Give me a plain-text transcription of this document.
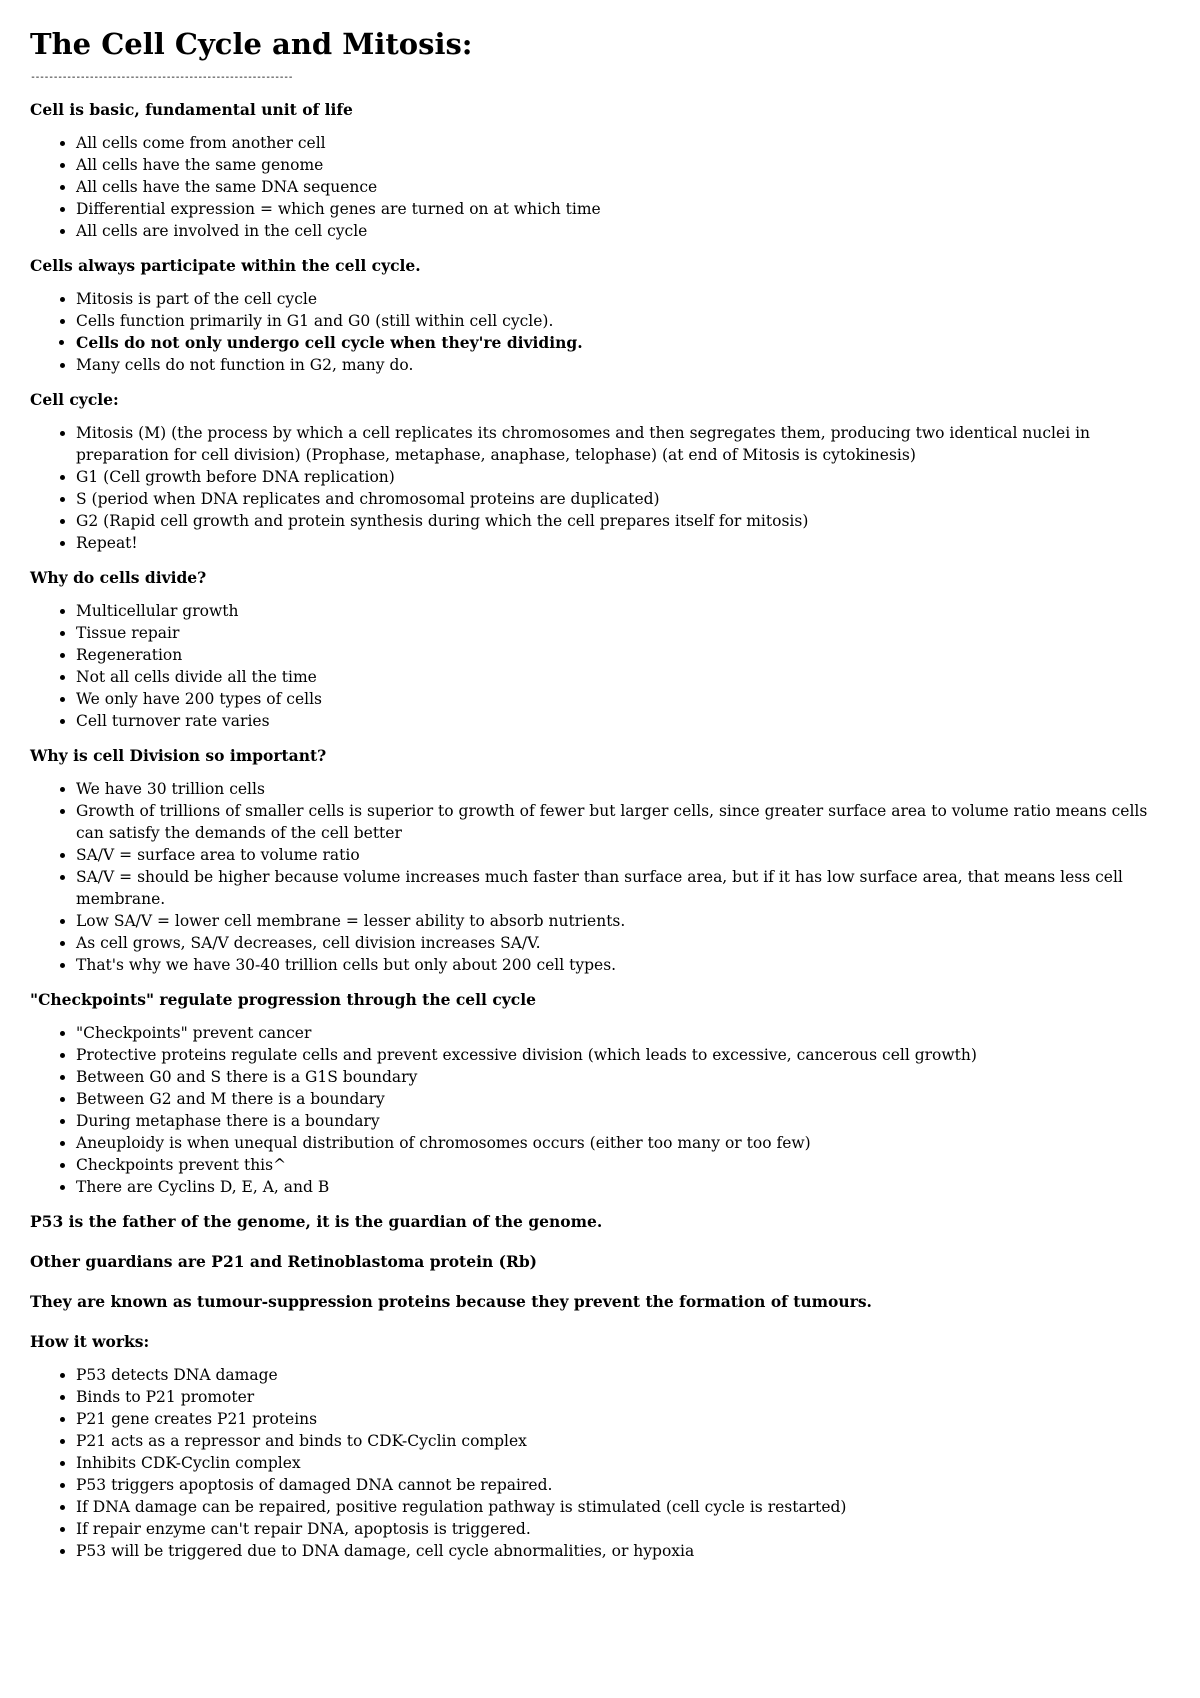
The Cell Cycle and Mitosis:
----------------------------------------------------------
Cell is basic, fundamental unit of life
• All cells come from another cell
• All cells have the same genome
• All cells have the same DNA sequence
• Differential expression = which genes are turned on at which time
• All cells are involved in the cell cycle
Cells always participate within the cell cycle.
• Mitosis is part of the cell cycle
• Cells function primarily in G1 and G0 (still within cell cycle).
• Cells do not only undergo cell cycle when they're dividing.
• Many cells do not function in G2, many do.
Cell cycle:
• Mitosis (M) (the process by which a cell replicates its chromosomes and then segregates them, producing two identical nuclei in preparation for cell division) (Prophase, metaphase, anaphase, telophase) (at end of Mitosis is cytokinesis)
• G1 (Cell growth before DNA replication)
• S (period when DNA replicates and chromosomal proteins are duplicated)
• G2 (Rapid cell growth and protein synthesis during which the cell prepares itself for mitosis)
• Repeat!
Why do cells divide?
• Multicellular growth
• Tissue repair
• Regeneration
• Not all cells divide all the time
• We only have 200 types of cells
• Cell turnover rate varies
Why is cell Division so important?
• We have 30 trillion cells
• Growth of trillions of smaller cells is superior to growth of fewer but larger cells, since greater surface area to volume ratio means cells can satisfy the demands of the cell better
• SA/V = surface area to volume ratio
• SA/V = should be higher because volume increases much faster than surface area, but if it has low surface area, that means less cell membrane.
• Low SA/V = lower cell membrane = lesser ability to absorb nutrients.
• As cell grows, SA/V decreases, cell division increases SA/V.
• That's why we have 30-40 trillion cells but only about 200 cell types.
"Checkpoints" regulate progression through the cell cycle
• "Checkpoints" prevent cancer
• Protective proteins regulate cells and prevent excessive division (which leads to excessive, cancerous cell growth)
• Between G0 and S there is a G1S boundary
• Between G2 and M there is a boundary
• During metaphase there is a boundary
• Aneuploidy is when unequal distribution of chromosomes occurs (either too many or too few)
• Checkpoints prevent this^
• There are Cyclins D, E, A, and B
P53 is the father of the genome, it is the guardian of the genome.
Other guardians are P21 and Retinoblastoma protein (Rb)
They are known as tumour-suppression proteins because they prevent the formation of tumours.
How it works:
• P53 detects DNA damage
• Binds to P21 promoter
• P21 gene creates P21 proteins
• P21 acts as a repressor and binds to CDK-Cyclin complex
• Inhibits CDK-Cyclin complex
• P53 triggers apoptosis of damaged DNA cannot be repaired.
• If DNA damage can be repaired, positive regulation pathway is stimulated (cell cycle is restarted)
• If repair enzyme can't repair DNA, apoptosis is triggered.
• P53 will be triggered due to DNA damage, cell cycle abnormalities, or hypoxia
